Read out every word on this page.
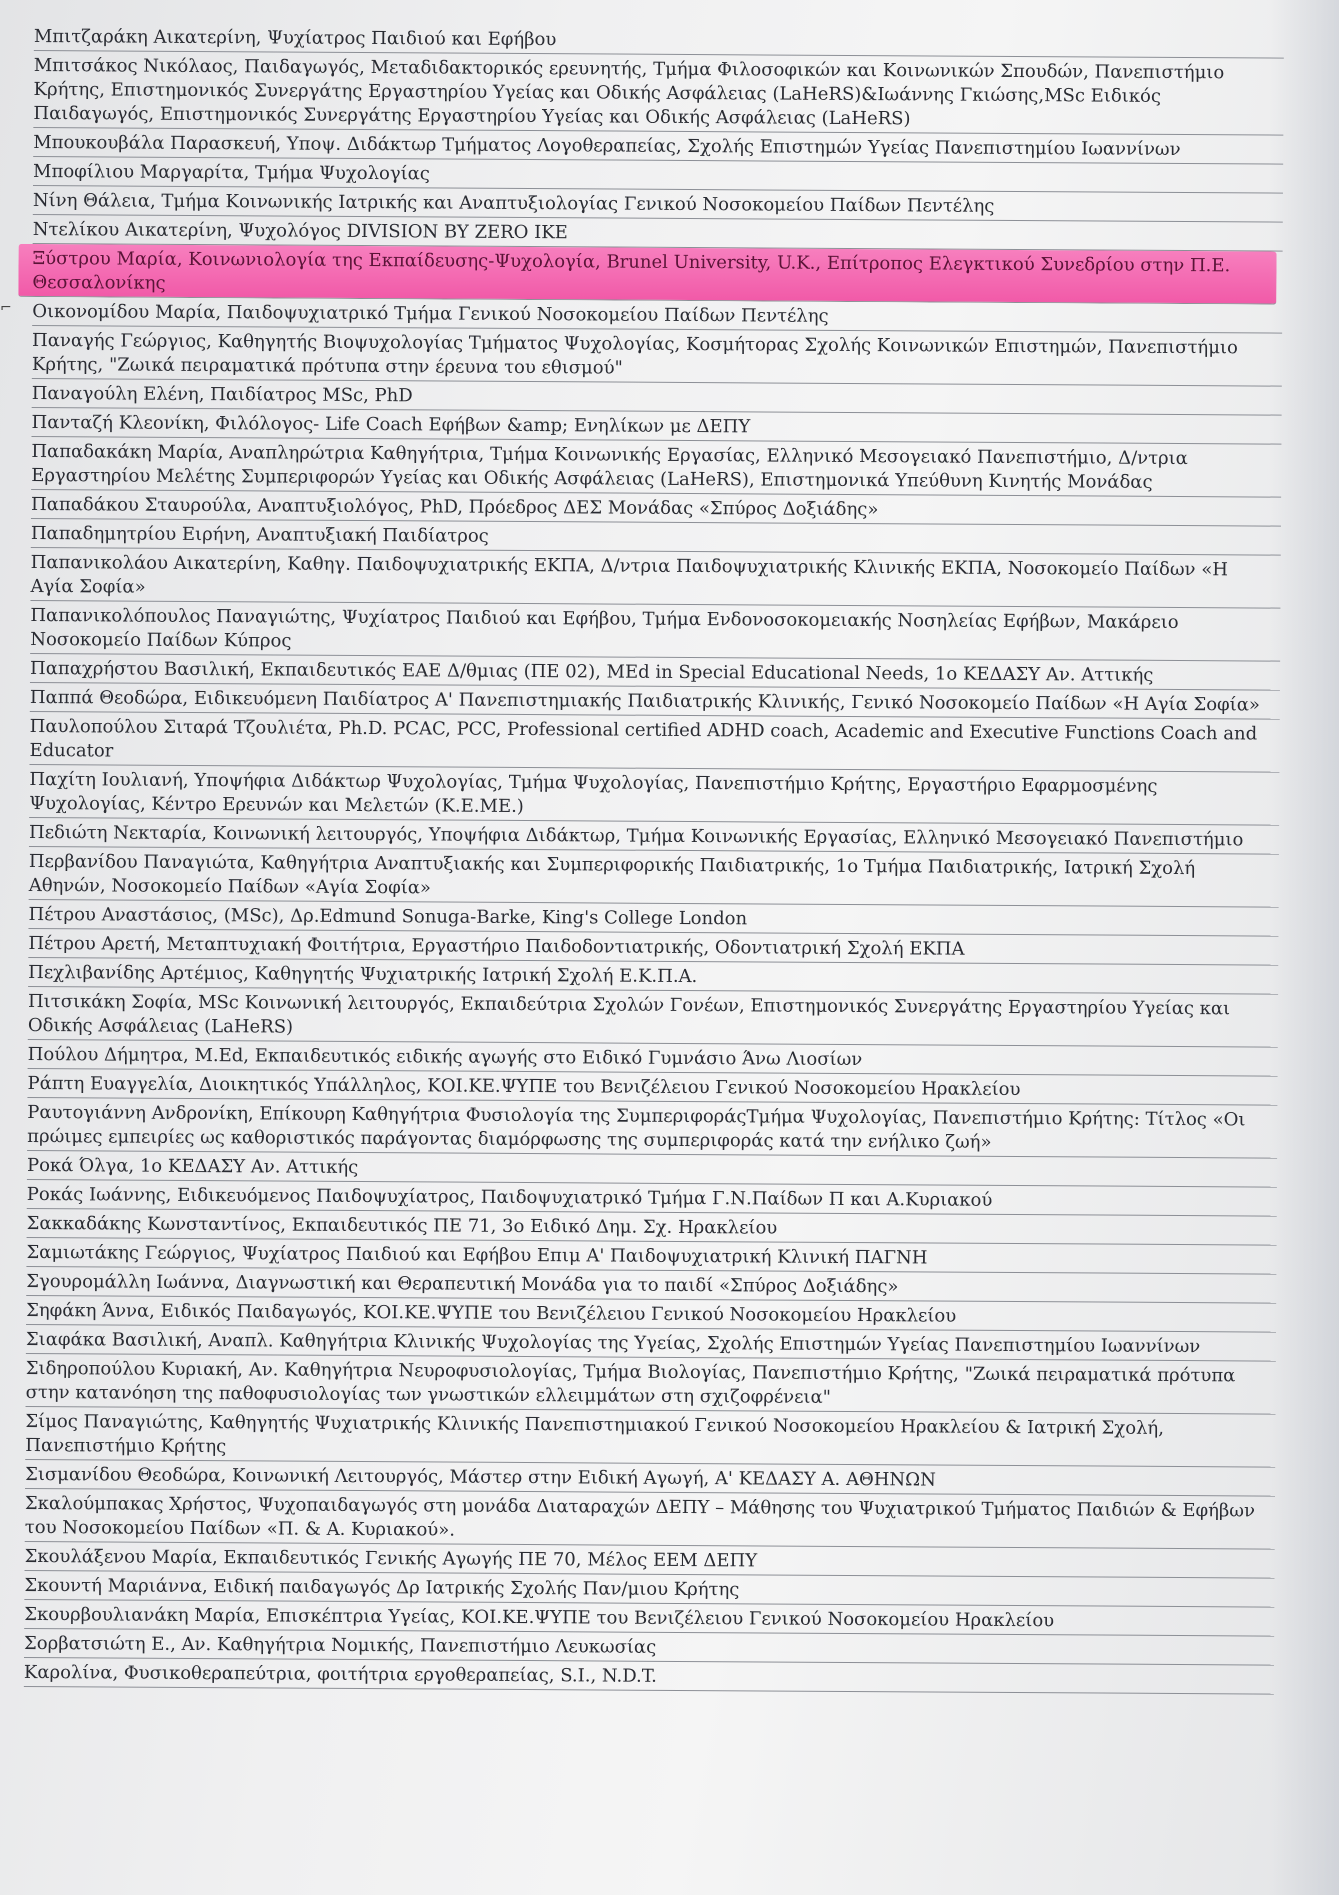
⌐
Μπιτζαράκη Αικατερίνη, Ψυχίατρος Παιδιού και Εφήβου
Μπιτσάκος Νικόλαος, Παιδαγωγός, Μεταδιδακτορικός ερευνητής, Τμήμα Φιλοσοφικών και Κοινωνικών Σπουδών, Πανεπιστήμιο Κρήτης, Επιστημονικός Συνεργάτης Εργαστηρίου Υγείας και Οδικής Ασφάλειας (LaHeRS)&Ιωάννης Γκιώσης,MSc Ειδικός Παιδαγωγός, Επιστημονικός Συνεργάτης Εργαστηρίου Υγείας και Οδικής Ασφάλειας (LaHeRS)
Μπουκουβάλα Παρασκευή, Υποψ. Διδάκτωρ Τμήματος Λογοθεραπείας, Σχολής Επιστημών Υγείας Πανεπιστημίου Ιωαννίνων
Μποφίλιου Μαργαρίτα, Τμήμα Ψυχολογίας
Νίνη Θάλεια, Τμήμα Κοινωνικής Ιατρικής και Αναπτυξιολογίας Γενικού Νοσοκομείου Παίδων Πεντέλης
Ντελίκου Αικατερίνη, Ψυχολόγος DIVISION BY ZERO IKE
Ξύστρου Μαρία, Κοινωνιολογία της Εκπαίδευσης-Ψυχολογία, Brunel University, U.K., Επίτροπος Ελεγκτικού Συνεδρίου στην Π.Ε. Θεσσαλονίκης
Οικονομίδου Μαρία, Παιδοψυχιατρικό Τμήμα Γενικού Νοσοκομείου Παίδων Πεντέλης
Παναγής Γεώργιος, Καθηγητής Βιοψυχολογίας Τμήματος Ψυχολογίας, Κοσμήτορας Σχολής Κοινωνικών Επιστημών, Πανεπιστήμιο Κρήτης, "Ζωικά πειραματικά πρότυπα στην έρευνα του εθισμού"
Παναγούλη Ελένη, Παιδίατρος MSc, PhD
Πανταζή Κλεονίκη, Φιλόλογος- Life Coach Εφήβων &amp; Ενηλίκων με ΔΕΠΥ
Παπαδακάκη Μαρία, Αναπληρώτρια Καθηγήτρια, Τμήμα Κοινωνικής Εργασίας, Ελληνικό Μεσογειακό Πανεπιστήμιο, Δ/ντρια Εργαστηρίου Μελέτης Συμπεριφορών Υγείας και Οδικής Ασφάλειας (LaHeRS), Επιστημονικά Υπεύθυνη Κινητής Μονάδας
Παπαδάκου Σταυρούλα, Αναπτυξιολόγος, PhD, Πρόεδρος ΔΕΣ Μονάδας «Σπύρος Δοξιάδης»
Παπαδημητρίου Ειρήνη, Αναπτυξιακή Παιδίατρος
Παπανικολάου Αικατερίνη, Καθηγ. Παιδοψυχιατρικής ΕΚΠΑ, Δ/ντρια Παιδοψυχιατρικής Κλινικής ΕΚΠΑ, Νοσοκομείο Παίδων «Η Αγία Σοφία»
Παπανικολόπουλος Παναγιώτης, Ψυχίατρος Παιδιού και Εφήβου, Τμήμα Ενδονοσοκομειακής Νοσηλείας Εφήβων, Μακάρειο Νοσοκομείο Παίδων Κύπρος
Παπαχρήστου Βασιλική, Εκπαιδευτικός ΕΑΕ Δ/θμιας (ΠΕ 02), MEd in Special Educational Needs, 1ο ΚΕΔΑΣΥ Αν. Αττικής
Παππά Θεοδώρα, Ειδικευόμενη Παιδίατρος Α' Πανεπιστημιακής Παιδιατρικής Κλινικής, Γενικό Νοσοκομείο Παίδων «Η Αγία Σοφία»
Παυλοπούλου Σιταρά Τζουλιέτα, Ph.D. PCAC, PCC, Professional certified ADHD coach, Academic and Executive Functions Coach and Educator
Παχίτη Ιουλιανή, Υποψήφια Διδάκτωρ Ψυχολογίας, Τμήμα Ψυχολογίας, Πανεπιστήμιο Κρήτης, Εργαστήριο Εφαρμοσμένης Ψυχολογίας, Κέντρο Ερευνών και Μελετών (Κ.Ε.ΜΕ.)
Πεδιώτη Νεκταρία, Κοινωνική λειτουργός, Υποψήφια Διδάκτωρ, Τμήμα Κοινωνικής Εργασίας, Ελληνικό Μεσογειακό Πανεπιστήμιο
Περβανίδου Παναγιώτα, Καθηγήτρια Αναπτυξιακής και Συμπεριφορικής Παιδιατρικής, 1ο Τμήμα Παιδιατρικής, Ιατρική Σχολή Αθηνών, Νοσοκομείο Παίδων «Αγία Σοφία»
Πέτρου Αναστάσιος, (MSc), Δρ.Edmund Sonuga-Barke, King's College London
Πέτρου Αρετή, Μεταπτυχιακή Φοιτήτρια, Εργαστήριο Παιδοδοντιατρικής, Οδοντιατρική Σχολή ΕΚΠΑ
Πεχλιβανίδης Αρτέμιος, Καθηγητής Ψυχιατρικής Ιατρική Σχολή Ε.Κ.Π.Α.
Πιτσικάκη Σοφία, MSc Κοινωνική λειτουργός, Εκπαιδεύτρια Σχολών Γονέων, Επιστημονικός Συνεργάτης Εργαστηρίου Υγείας και Οδικής Ασφάλειας (LaHeRS)
Πούλου Δήμητρα, M.Ed, Εκπαιδευτικός ειδικής αγωγής στο Ειδικό Γυμνάσιο Άνω Λιοσίων
Ράπτη Ευαγγελία, Διοικητικός Υπάλληλος, ΚΟΙ.ΚΕ.ΨΥΠΕ του Βενιζέλειου Γενικού Νοσοκομείου Ηρακλείου
Ραυτογιάννη Ανδρονίκη, Επίκουρη Καθηγήτρια Φυσιολογία της ΣυμπεριφοράςΤμήμα Ψυχολογίας, Πανεπιστήμιο Κρήτης: Τίτλος «Οι πρώιμες εμπειρίες ως καθοριστικός παράγοντας διαμόρφωσης της συμπεριφοράς κατά την ενήλικο ζωή»
Ροκά Όλγα, 1ο ΚΕΔΑΣΥ Αν. Αττικής
Ροκάς Ιωάννης, Ειδικευόμενος Παιδοψυχίατρος, Παιδοψυχιατρικό Τμήμα Γ.Ν.Παίδων Π και Α.Κυριακού
Σακκαδάκης Κωνσταντίνος, Εκπαιδευτικός ΠΕ 71, 3ο Ειδικό Δημ. Σχ. Ηρακλείου
Σαμιωτάκης Γεώργιος, Ψυχίατρος Παιδιού και Εφήβου Επιμ Α' Παιδοψυχιατρική Κλινική ΠΑΓΝΗ
Σγουρομάλλη Ιωάννα, Διαγνωστική και Θεραπευτική Μονάδα για το παιδί «Σπύρος Δοξιάδης»
Σηφάκη Άννα, Ειδικός Παιδαγωγός, ΚΟΙ.ΚΕ.ΨΥΠΕ του Βενιζέλειου Γενικού Νοσοκομείου Ηρακλείου
Σιαφάκα Βασιλική, Αναπλ. Καθηγήτρια Κλινικής Ψυχολογίας της Υγείας, Σχολής Επιστημών Υγείας Πανεπιστημίου Ιωαννίνων
Σιδηροπούλου Κυριακή, Αν. Καθηγήτρια Νευροφυσιολογίας, Τμήμα Βιολογίας, Πανεπιστήμιο Κρήτης, "Ζωικά πειραματικά πρότυπα στην κατανόηση της παθοφυσιολογίας των γνωστικών ελλειμμάτων στη σχιζοφρένεια"
Σίμος Παναγιώτης, Καθηγητής Ψυχιατρικής Κλινικής Πανεπιστημιακού Γενικού Νοσοκομείου Ηρακλείου & Ιατρική Σχολή, Πανεπιστήμιο Κρήτης
Σισμανίδου Θεοδώρα, Κοινωνική Λειτουργός, Μάστερ στην Ειδική Αγωγή, Α' ΚΕΔΑΣΥ Α. ΑΘΗΝΩΝ
Σκαλούμπακας Χρήστος, Ψυχοπαιδαγωγός στη μονάδα Διαταραχών ΔΕΠΥ – Μάθησης του Ψυχιατρικού Τμήματος Παιδιών & Εφήβων του Νοσοκομείου Παίδων «Π. & Α. Κυριακού».
Σκουλάξενου Μαρία, Εκπαιδευτικός Γενικής Αγωγής ΠΕ 70, Μέλος ΕΕΜ ΔΕΠΥ
Σκουντή Μαριάννα, Ειδική παιδαγωγός Δρ Ιατρικής Σχολής Παν/μιου Κρήτης
Σκουρβουλιανάκη Μαρία, Επισκέπτρια Υγείας, ΚΟΙ.ΚΕ.ΨΥΠΕ του Βενιζέλειου Γενικού Νοσοκομείου Ηρακλείου
Σορβατσιώτη Ε., Αν. Καθηγήτρια Νομικής, Πανεπιστήμιο Λευκωσίας
Καρολίνα, Φυσικοθεραπεύτρια, φοιτήτρια εργοθεραπείας, S.I., N.D.T.
